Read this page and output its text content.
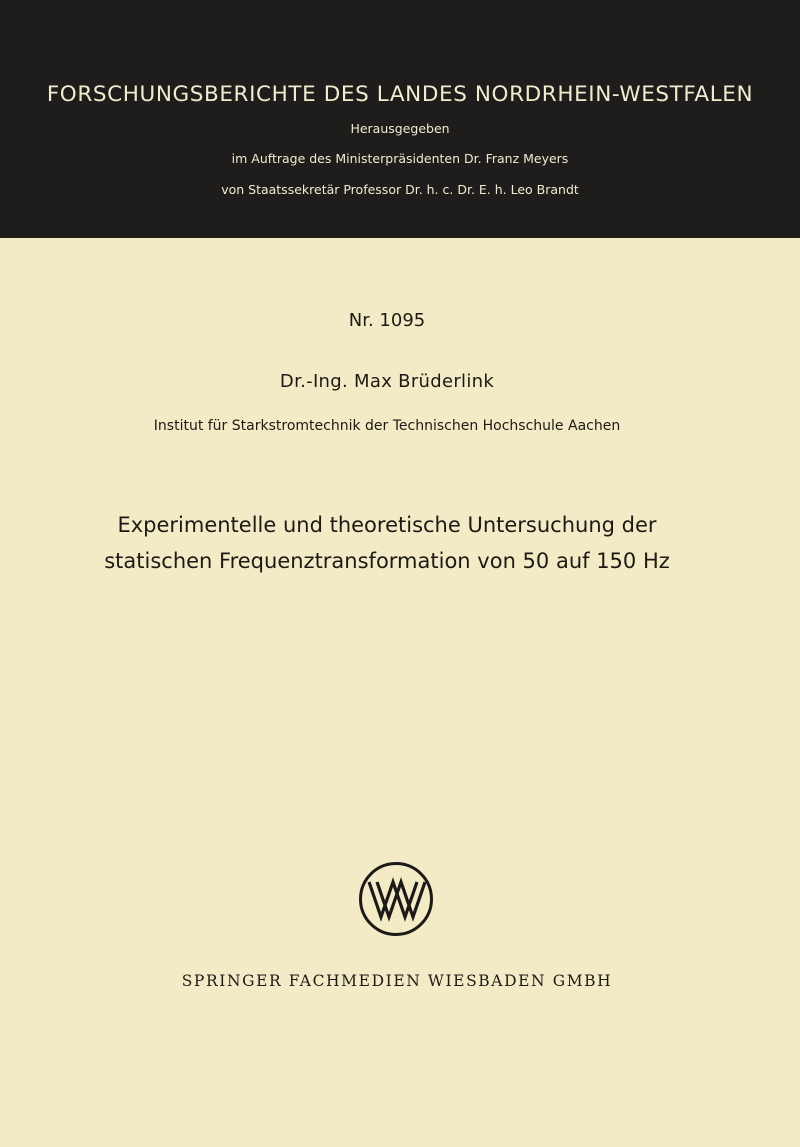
FORSCHUNGSBERICHTE DES LANDES NORDRHEIN-WESTFALEN
Herausgegeben
im Auftrage des Ministerpräsidenten Dr. Franz Meyers
von Staatssekretär Professor Dr. h. c. Dr. E. h. Leo Brandt
Nr. 1095
Dr.-Ing. Max Brüderlink
Institut für Starkstromtechnik der Technischen Hochschule Aachen
Experimentelle und theoretische Untersuchung der
statischen Frequenztransformation von 50 auf 150 Hz
SPRINGER FACHMEDIEN WIESBADEN GMBH
